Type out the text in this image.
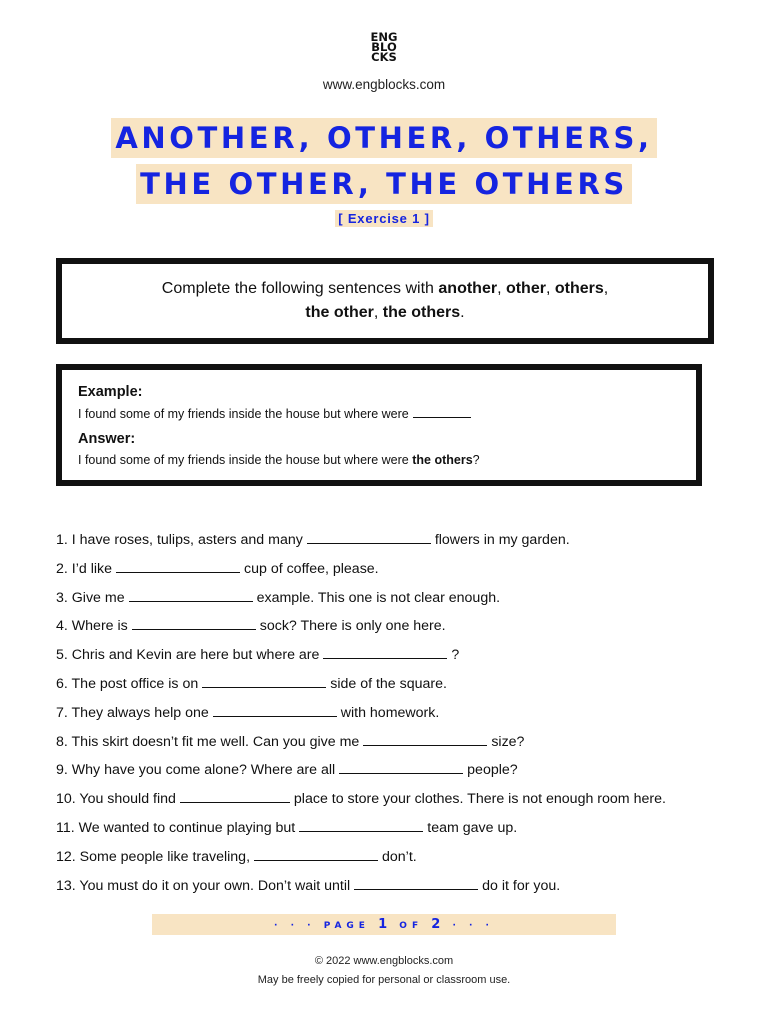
ENG
BLO
CKS
www.engblocks.com
ANOTHER, OTHER, OTHERS,
THE OTHER, THE OTHERS
[ Exercise 1 ]
Complete the following sentences with another, other, others,
the other, the others.
Example:
I found some of my friends inside the house but where were
Answer:
I found some of my friends inside the house but where were the others?
1. I have roses, tulips, asters and many	flowers in my garden.
2. I’d like	cup of coffee, please.
3. Give me	example. This one is not clear enough.
4. Where is	sock? There is only one here.
5. Chris and Kevin are here but where are	?
6. The post office is on	side of the square.
7. They always help one	with homework.
8. This skirt doesn’t fit me well. Can you give me	size?
9. Why have you come alone? Where are all	people?
10. You should find	place to store your clothes. There is not enough room here.
11. We wanted to continue playing but	team gave up.
12. Some people like traveling,	don’t.
13. You must do it on your own. Don’t wait until	do it for you.
· · · PAGE 1 OF 2 · · ·
© 2022 www.engblocks.com
May be freely copied for personal or classroom use.
